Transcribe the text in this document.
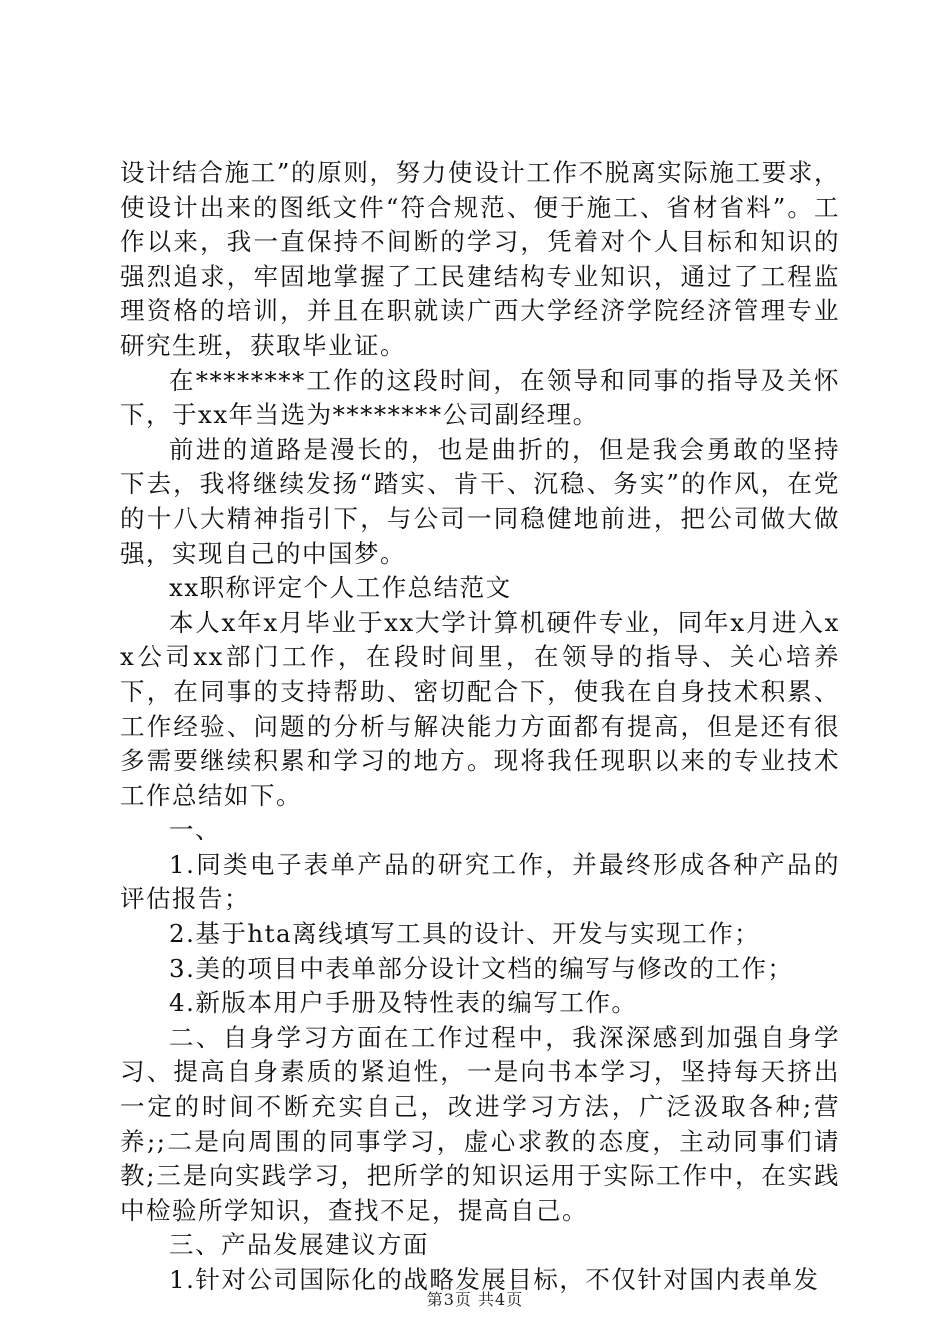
设计结合施工”的原则，努力使设计工作不脱离实际施工要求，使设计出来的图纸文件“符合规范、便于施工、省材省料”。工作以来，我一直保持不间断的学习，凭着对个人目标和知识的强烈追求，牢固地掌握了工民建结构专业知识，通过了工程监理资格的培训，并且在职就读广西大学经济学院经济管理专业研究生班，获取毕业证。

在********工作的这段时间，在领导和同事的指导及关怀下，于xx年当选为********公司副经理。

前进的道路是漫长的，也是曲折的，但是我会勇敢的坚持下去，我将继续发扬“踏实、肯干、沉稳、务实”的作风，在党的十八大精神指引下，与公司一同稳健地前进，把公司做大做强，实现自己的中国梦。

xx职称评定个人工作总结范文

本人x年x月毕业于xx大学计算机硬件专业，同年x月进入xx公司xx部门工作，在段时间里，在领导的指导、关心培养下，在同事的支持帮助、密切配合下，使我在自身技术积累、工作经验、问题的分析与解决能力方面都有提高，但是还有很多需要继续积累和学习的地方。现将我任现职以来的专业技术工作总结如下。

一、

1.同类电子表单产品的研究工作，并最终形成各种产品的评估报告；

2.基于hta离线填写工具的设计、开发与实现工作；

3.美的项目中表单部分设计文档的编写与修改的工作；

4.新版本用户手册及特性表的编写工作。

二、自身学习方面在工作过程中，我深深感到加强自身学习、提高自身素质的紧迫性，一是向书本学习，坚持每天挤出一定的时间不断充实自己，改进学习方法，广泛汲取各种;营养;;二是向周围的同事学习，虚心求教的态度，主动同事们请教;三是向实践学习，把所学的知识运用于实际工作中，在实践中检验所学知识，查找不足，提高自己。

三、产品发展建议方面

1.针对公司国际化的战略发展目标，不仅针对国内表单发

第3页 共4页
